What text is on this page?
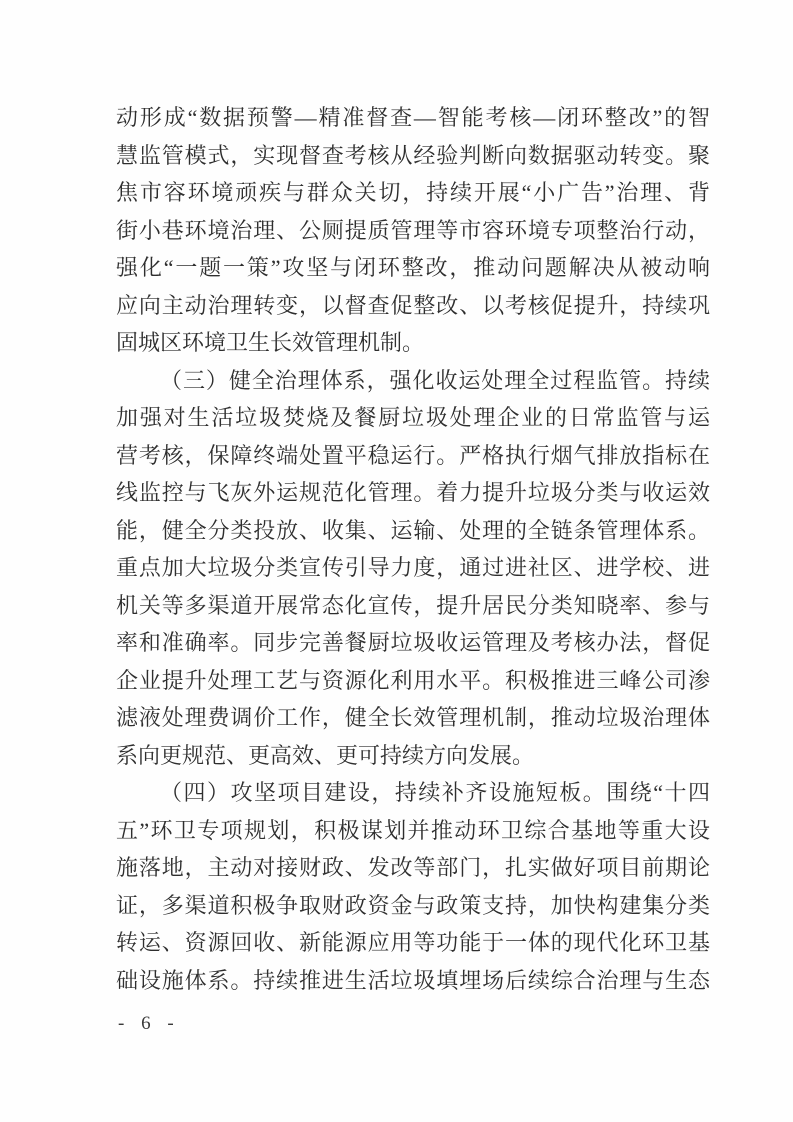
动形成“数据预警—精准督查—智能考核—闭环整改”的智
慧监管模式，实现督查考核从经验判断向数据驱动转变。聚
焦市容环境顽疾与群众关切，持续开展“小广告”治理、背
街小巷环境治理、公厕提质管理等市容环境专项整治行动，
强化“一题一策”攻坚与闭环整改，推动问题解决从被动响
应向主动治理转变，以督查促整改、以考核促提升，持续巩
固城区环境卫生长效管理机制。
（三）健全治理体系，强化收运处理全过程监管。持续
加强对生活垃圾焚烧及餐厨垃圾处理企业的日常监管与运
营考核，保障终端处置平稳运行。严格执行烟气排放指标在
线监控与飞灰外运规范化管理。着力提升垃圾分类与收运效
能，健全分类投放、收集、运输、处理的全链条管理体系。
重点加大垃圾分类宣传引导力度，通过进社区、进学校、进
机关等多渠道开展常态化宣传，提升居民分类知晓率、参与
率和准确率。同步完善餐厨垃圾收运管理及考核办法，督促
企业提升处理工艺与资源化利用水平。积极推进三峰公司渗
滤液处理费调价工作，健全长效管理机制，推动垃圾治理体
系向更规范、更高效、更可持续方向发展。
（四）攻坚项目建设，持续补齐设施短板。围绕“十四
五”环卫专项规划，积极谋划并推动环卫综合基地等重大设
施落地，主动对接财政、发改等部门，扎实做好项目前期论
证，多渠道积极争取财政资金与政策支持，加快构建集分类
转运、资源回收、新能源应用等功能于一体的现代化环卫基
础设施体系。持续推进生活垃圾填埋场后续综合治理与生态
- 6 -
